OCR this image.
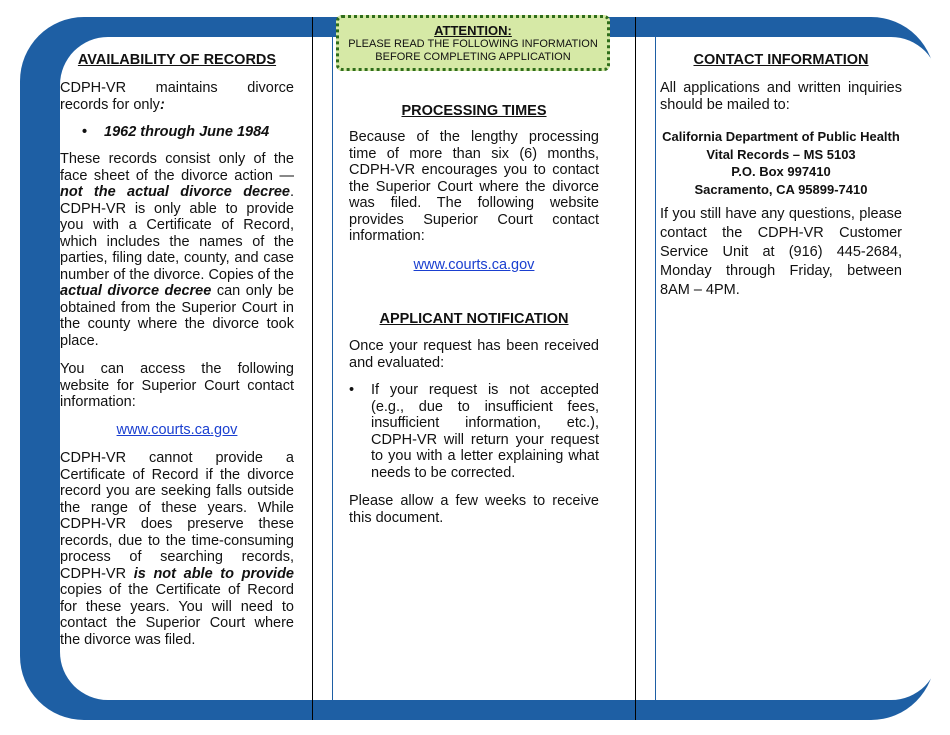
ATTENTION:
PLEASE READ THE FOLLOWING INFORMATION
BEFORE COMPLETING APPLICATION
AVAILABILITY OF RECORDS

CDPH-VR maintains divorce records for only:

• 1962 through June 1984

These records consist only of the face sheet of the divorce action — not the actual divorce decree. CDPH-VR is only able to provide you with a Certificate of Record, which includes the names of the parties, filing date, county, and case number of the divorce. Copies of the actual divorce decree can only be obtained from the Superior Court in the county where the divorce took place.

You can access the following website for Superior Court contact information:

www.courts.ca.gov

CDPH-VR cannot provide a Certificate of Record if the divorce record you are seeking falls outside the range of these years. While CDPH-VR does preserve these records, due to the time-consuming process of searching records, CDPH-VR is not able to provide copies of the Certificate of Record for these years. You will need to contact the Superior Court where the divorce was filed.

PROCESSING TIMES

Because of the lengthy processing time of more than six (6) months, CDPH-VR encourages you to contact the Superior Court where the divorce was filed. The following website provides Superior Court contact information:

www.courts.ca.gov
APPLICANT NOTIFICATION

Once your request has been received and evaluated:

• If your request is not accepted (e.g., due to insufficient fees, insufficient information, etc.), CDPH-VR will return your request to you with a letter explaining what needs to be corrected.

Please allow a few weeks to receive this document.

CONTACT INFORMATION

All applications and written inquiries should be mailed to:

California Department of Public Health
Vital Records – MS 5103
P.O. Box 997410
Sacramento, CA 95899-7410

If you still have any questions, please contact the CDPH-VR Customer Service Unit at (916) 445-2684, Monday through Friday, between 8AM – 4PM.
